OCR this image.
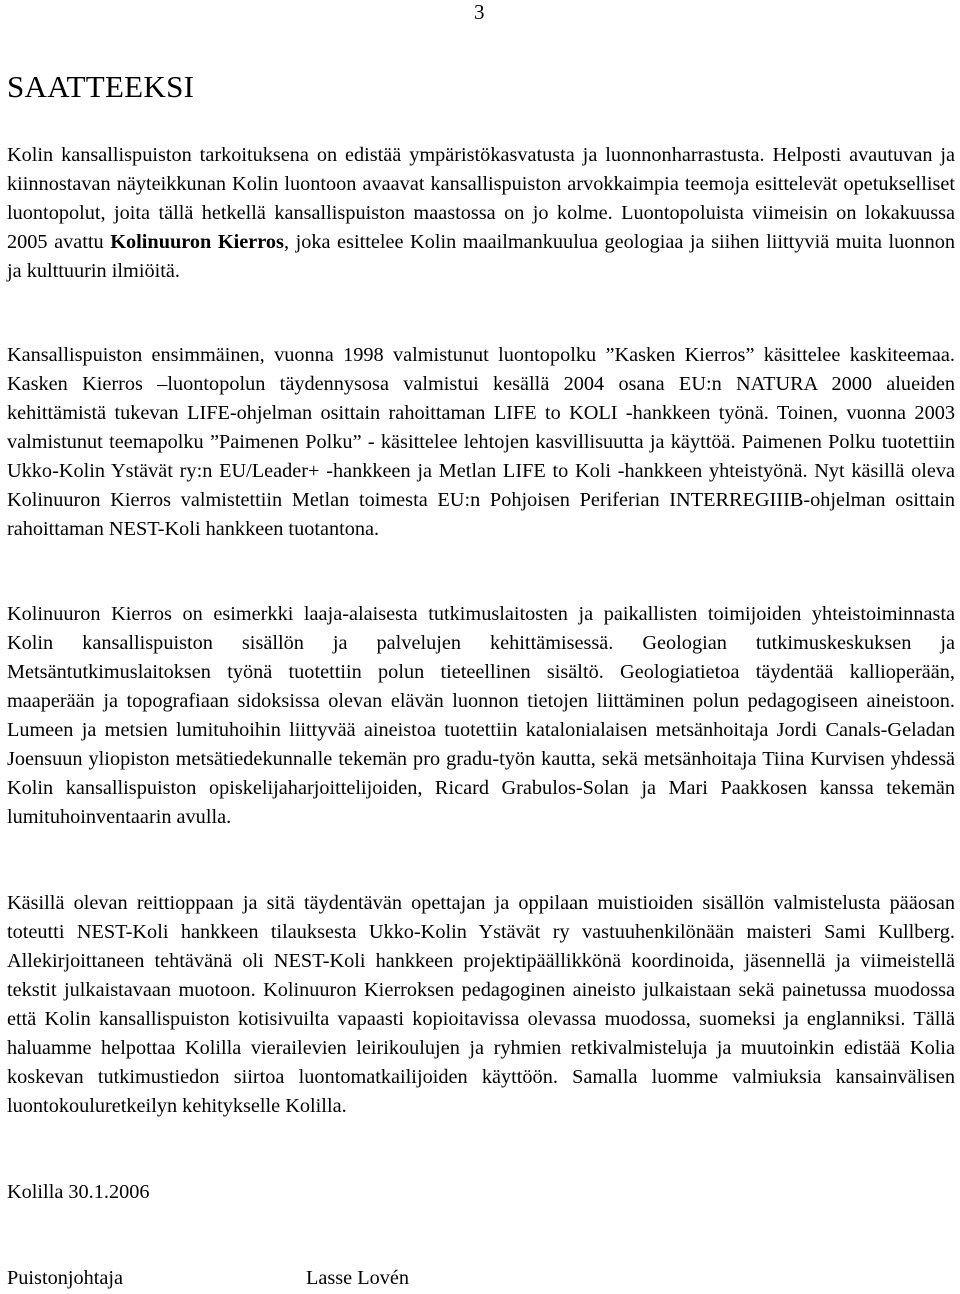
3
SAATTEEKSI

Kolin kansallispuiston tarkoituksena on edistää ympäristökasvatusta ja luonnonharrastusta. Helposti avautuvan ja kiinnostavan näyteikkunan Kolin luontoon avaavat kansallispuiston arvokkaimpia teemoja esittelevät opetukselliset luontopolut, joita tällä hetkellä kansallispuiston maastossa on jo kolme. Luontopoluista viimeisin on lokakuussa 2005 avattu Kolinuuron Kierros, joka esittelee Kolin maailmankuulua geologiaa ja siihen liittyviä muita luonnon ja kulttuurin ilmiöitä.

Kansallispuiston ensimmäinen, vuonna 1998 valmistunut luontopolku ”Kasken Kierros” käsittelee kaskiteemaa. Kasken Kierros –luontopolun täydennysosa valmistui kesällä 2004 osana EU:n NATURA 2000 alueiden kehittämistä tukevan LIFE-ohjelman osittain rahoittaman LIFE to KOLI -hankkeen työnä. Toinen, vuonna 2003 valmistunut teemapolku ”Paimenen Polku” - käsittelee lehtojen kasvillisuutta ja käyttöä. Paimenen Polku tuotettiin Ukko-Kolin Ystävät ry:n EU/Leader+ -hankkeen ja Metlan LIFE to Koli -hankkeen yhteistyönä. Nyt käsillä oleva Kolinuuron Kierros valmistettiin Metlan toimesta EU:n Pohjoisen Periferian INTERREGIIIB-ohjelman osittain rahoittaman NEST-Koli hankkeen tuotantona.

Kolinuuron Kierros on esimerkki laaja-alaisesta tutkimuslaitosten ja paikallisten toimijoiden yhteistoiminnasta Kolin kansallispuiston sisällön ja palvelujen kehittämisessä. Geologian tutkimuskeskuksen ja Metsäntutkimuslaitoksen työnä tuotettiin polun tieteellinen sisältö. Geologiatietoa täydentää kallioperään, maaperään ja topografiaan sidoksissa olevan elävän luonnon tietojen liittäminen polun pedagogiseen aineistoon. Lumeen ja metsien lumituhoihin liittyvää aineistoa tuotettiin katalonialaisen metsänhoitaja Jordi Canals-Geladan Joensuun yliopiston metsätiedekunnalle tekemän pro gradu-työn kautta, sekä metsänhoitaja Tiina Kurvisen yhdessä Kolin kansallispuiston opiskelijaharjoittelijoiden, Ricard Grabulos-Solan ja Mari Paakkosen kanssa tekemän lumituhoinventaarin avulla.

Käsillä olevan reittioppaan ja sitä täydentävän opettajan ja oppilaan muistioiden sisällön valmistelusta pääosan toteutti NEST-Koli hankkeen tilauksesta Ukko-Kolin Ystävät ry vastuuhenkilönään maisteri Sami Kullberg. Allekirjoittaneen tehtävänä oli NEST-Koli hankkeen projektipäällikkönä koordinoida, jäsennellä ja viimeistellä tekstit julkaistavaan muotoon. Kolinuuron Kierroksen pedagoginen aineisto julkaistaan sekä painetussa muodossa että Kolin kansallispuiston kotisivuilta vapaasti kopioitavissa olevassa muodossa, suomeksi ja englanniksi. Tällä haluamme helpottaa Kolilla vierailevien leirikoulujen ja ryhmien retkivalmisteluja ja muutoinkin edistää Kolia koskevan tutkimustiedon siirtoa luontomatkailijoiden käyttöön. Samalla luomme valmiuksia kansainvälisen luontokouluretkeilyn kehitykselle Kolilla.

Kolilla 30.1.2006
Puistonjohtaja	Lasse Lovén
